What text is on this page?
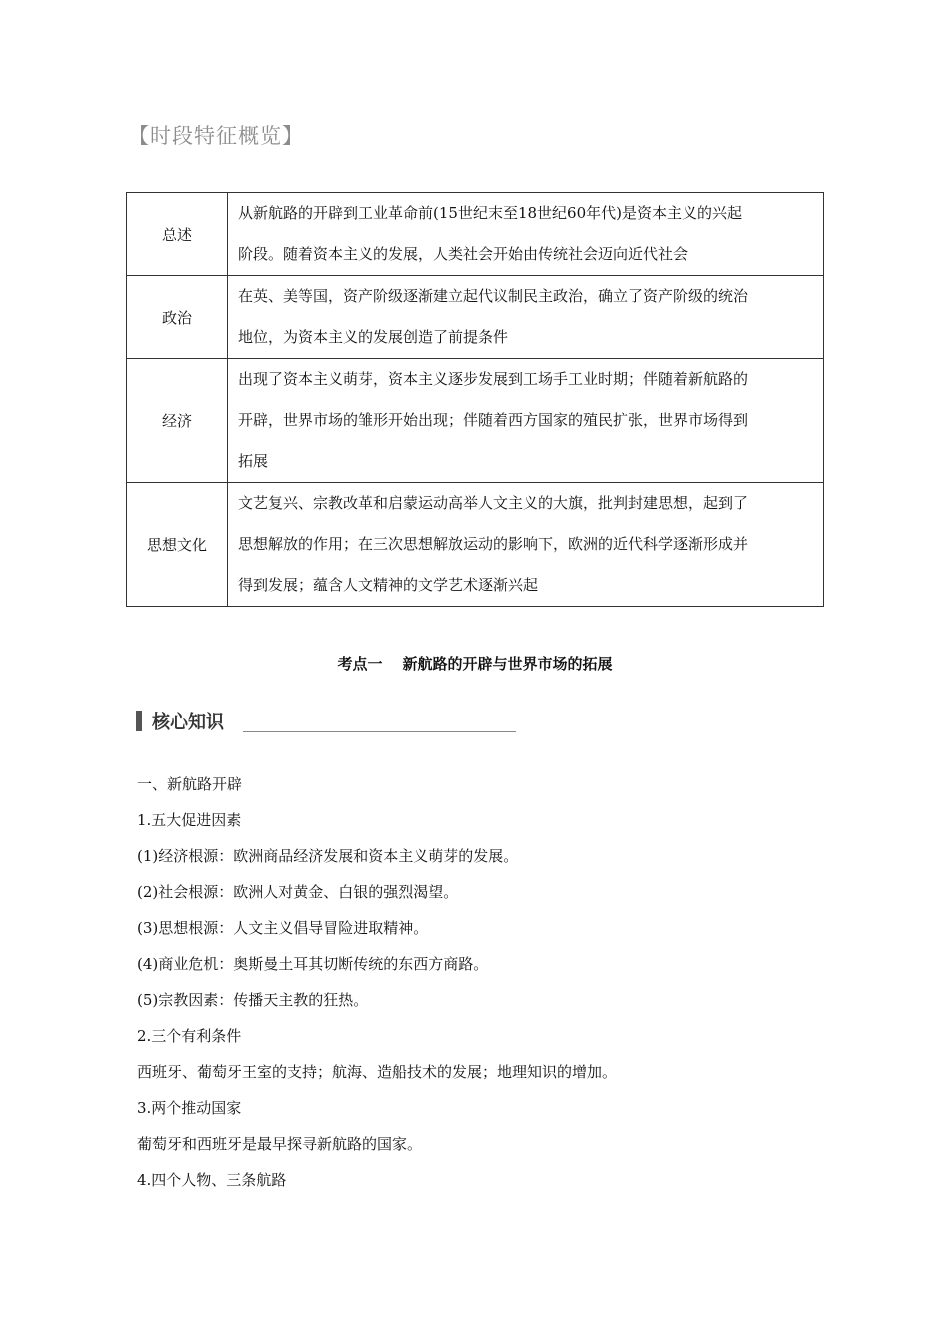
【时段特征概览】
总述	从新航路的开辟到工业革命前(15世纪末至18世纪60年代)是资本主义的兴起
阶段。随着资本主义的发展，人类社会开始由传统社会迈向近代社会

政治	在英、美等国，资产阶级逐渐建立起代议制民主政治，确立了资产阶级的统治
地位，为资本主义的发展创造了前提条件

经济	出现了资本主义萌芽，资本主义逐步发展到工场手工业时期；伴随着新航路的
开辟，世界市场的雏形开始出现；伴随着西方国家的殖民扩张，世界市场得到
拓展

思想文化	文艺复兴、宗教改革和启蒙运动高举人文主义的大旗，批判封建思想，起到了
思想解放的作用；在三次思想解放运动的影响下，欧洲的近代科学逐渐形成并
得到发展；蕴含人文精神的文学艺术逐渐兴起
考点一 新航路的开辟与世界市场的拓展
核心知识
一、新航路开辟
1.五大促进因素
(1)经济根源：欧洲商品经济发展和资本主义萌芽的发展。
(2)社会根源：欧洲人对黄金、白银的强烈渴望。
(3)思想根源：人文主义倡导冒险进取精神。
(4)商业危机：奥斯曼土耳其切断传统的东西方商路。
(5)宗教因素：传播天主教的狂热。
2.三个有利条件
西班牙、葡萄牙王室的支持；航海、造船技术的发展；地理知识的增加。
3.两个推动国家
葡萄牙和西班牙是最早探寻新航路的国家。
4.四个人物、三条航路
